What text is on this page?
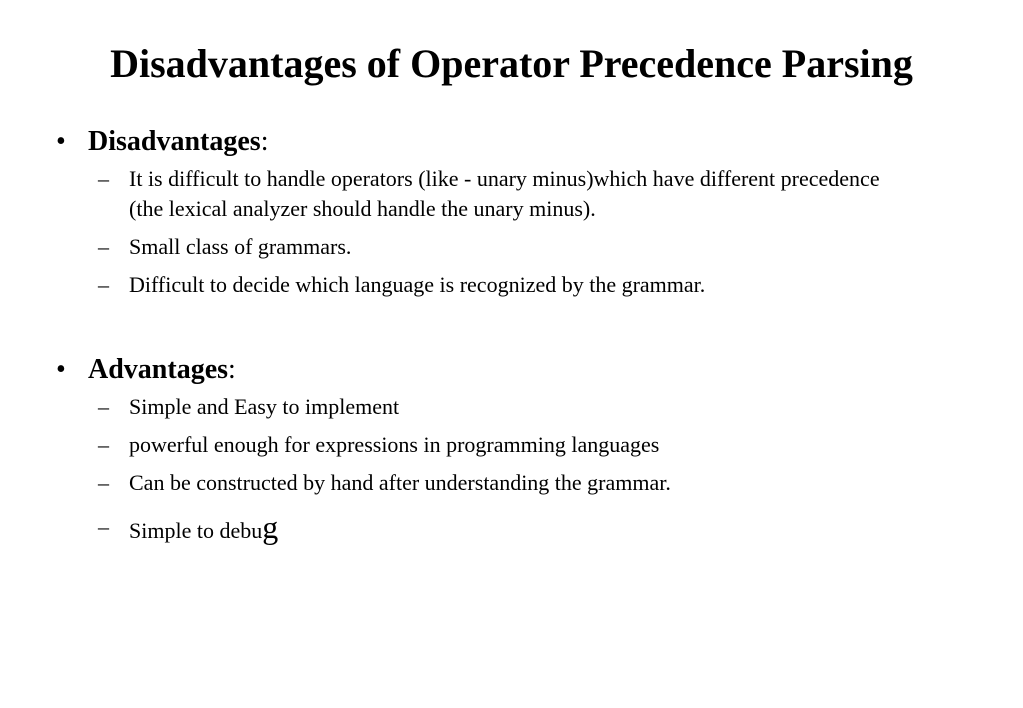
Disadvantages of Operator Precedence Parsing
• Disadvantages:
– It is difficult to handle operators (like - unary minus)which have different precedence (the lexical analyzer should handle the unary minus).
– Small class of grammars.
– Difficult to decide which language is recognized by the grammar.
• Advantages:
– Simple and Easy to implement
– powerful enough for expressions in programming languages
– Can be constructed by hand after understanding the grammar.
– Simple to debug
